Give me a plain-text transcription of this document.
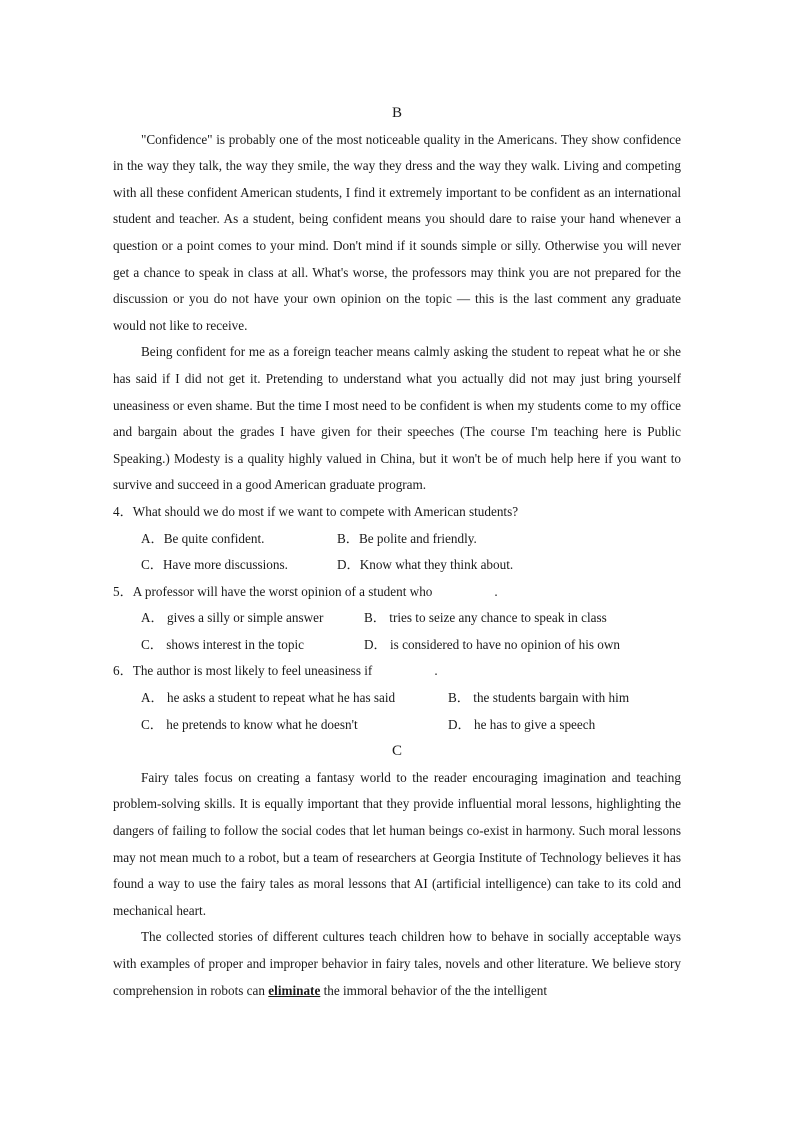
B

"Confidence" is probably one of the most noticeable quality in the Americans. They show confidence in the way they talk, the way they smile, the way they dress and the way they walk. Living and competing with all these confident American students, I find it extremely important to be confident as an international student and teacher. As a student, being confident means you should dare to raise your hand whenever a question or a point comes to your mind. Don't mind if it sounds simple or silly. Otherwise you will never get a chance to speak in class at all. What's worse, the professors may think you are not prepared for the discussion or you do not have your own opinion on the topic — this is the last comment any graduate would not like to receive.

Being confident for me as a foreign teacher means calmly asking the student to repeat what he or she has said if I did not get it. Pretending to understand what you actually did not may just bring yourself uneasiness or even shame. But the time I most need to be confident is when my students come to my office and bargain about the grades I have given for their speeches (The course I'm teaching here is Public Speaking.) Modesty is a quality highly valued in China, but it won't be of much help here if you want to survive and succeed in a good American graduate program.

4．What should we do most if we want to compete with American students?

A．Be quite confident.	B．Be polite and friendly.
C．Have more discussions.	D．Know what they think about.

5．A professor will have the worst opinion of a student who	.

A． gives a silly or simple answer	B． tries to seize any chance to speak in class
C． shows interest in the topic	D． is considered to have no opinion of his own

6．The author is most likely to feel uneasiness if	.

A． he asks a student to repeat what he has said	B． the students bargain with him
C． he pretends to know what he doesn't	D． he has to give a speech
C

Fairy tales focus on creating a fantasy world to the reader encouraging imagination and teaching problem-solving skills. It is equally important that they provide influential moral lessons, highlighting the dangers of failing to follow the social codes that let human beings co-exist in harmony. Such moral lessons may not mean much to a robot, but a team of researchers at Georgia Institute of Technology believes it has found a way to use the fairy tales as moral lessons that AI (artificial intelligence) can take to its cold and mechanical heart.

The collected stories of different cultures teach children how to behave in socially acceptable ways with examples of proper and improper behavior in fairy tales, novels and other literature. We believe story comprehension in robots can eliminate the immoral behavior of the the intelligent
